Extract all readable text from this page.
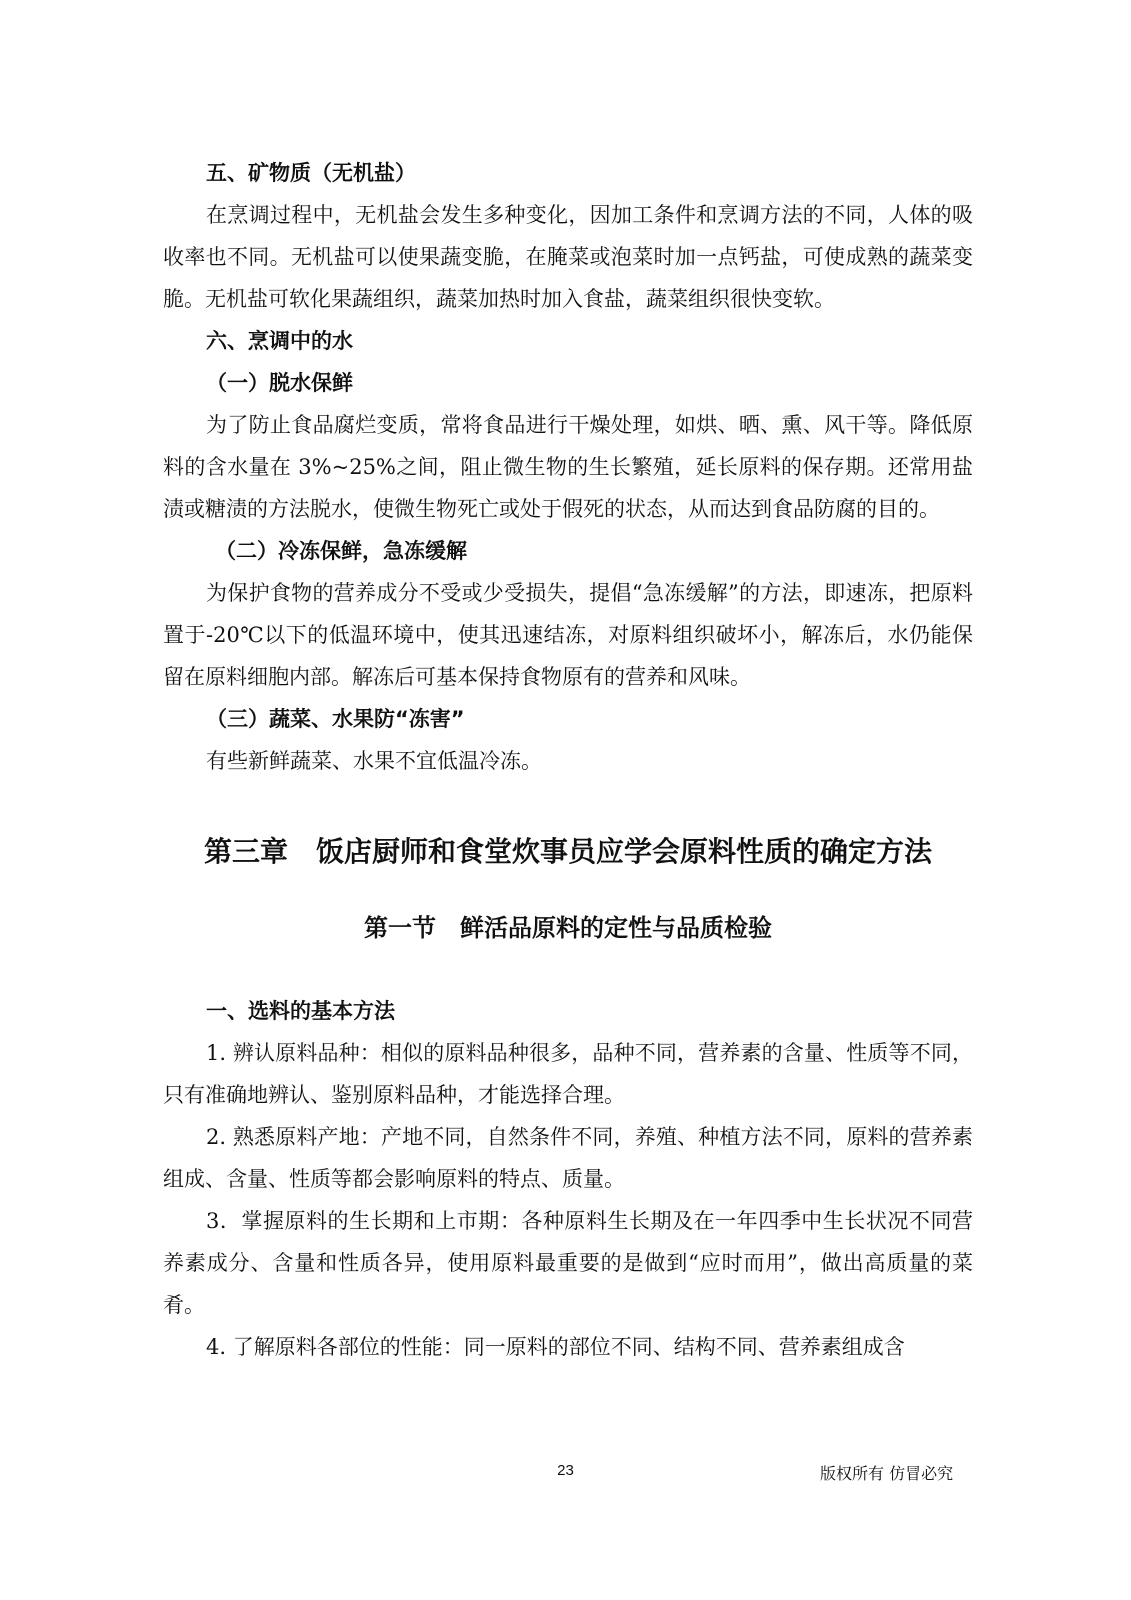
五、矿物质（无机盐）

在烹调过程中，无机盐会发生多种变化，因加工条件和烹调方法的不同，人体的吸收率也不同。无机盐可以使果蔬变脆，在腌菜或泡菜时加一点钙盐，可使成熟的蔬菜变脆。无机盐可软化果蔬组织，蔬菜加热时加入食盐，蔬菜组织很快变软。

六、烹调中的水

（一）脱水保鲜

为了防止食品腐烂变质，常将食品进行干燥处理，如烘、晒、熏、风干等。降低原料的含水量在 3%~25%之间，阻止微生物的生长繁殖，延长原料的保存期。还常用盐渍或糖渍的方法脱水，使微生物死亡或处于假死的状态，从而达到食品防腐的目的。

（二）冷冻保鲜，急冻缓解

为保护食物的营养成分不受或少受损失，提倡“急冻缓解”的方法，即速冻，把原料置于-20℃以下的低温环境中，使其迅速结冻，对原料组织破坏小，解冻后，水仍能保留在原料细胞内部。解冻后可基本保持食物原有的营养和风味。

（三）蔬菜、水果防“冻害”

有些新鲜蔬菜、水果不宜低温冷冻。

第三章　饭店厨师和食堂炊事员应学会原料性质的确定方法

第一节　鲜活品原料的定性与品质检验

一、选料的基本方法

1. 辨认原料品种：相似的原料品种很多，品种不同，营养素的含量、性质等不同，只有准确地辨认、鉴别原料品种，才能选择合理。

2. 熟悉原料产地：产地不同，自然条件不同，养殖、种植方法不同，原料的营养素组成、含量、性质等都会影响原料的特点、质量。

3．掌握原料的生长期和上市期：各种原料生长期及在一年四季中生长状况不同营养素成分、含量和性质各异，使用原料最重要的是做到“应时而用”，做出高质量的菜肴。

4. 了解原料各部位的性能：同一原料的部位不同、结构不同、营养素组成含

23	版权所有 仿冒必究
